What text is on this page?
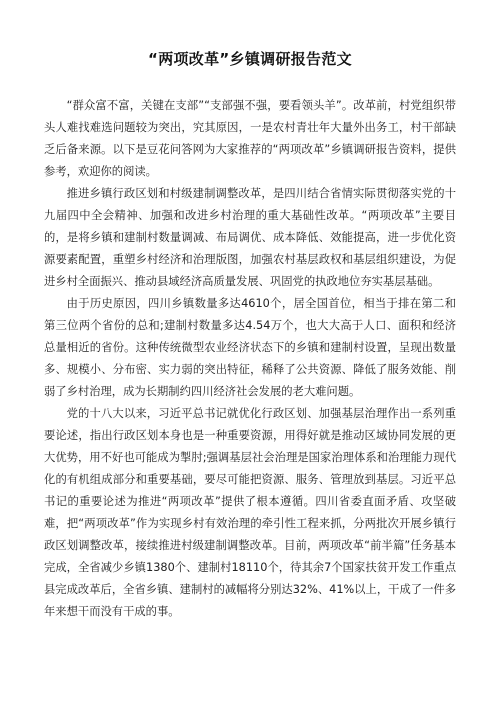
“两项改革”乡镇调研报告范文

“群众富不富，关键在支部”“支部强不强，要看领头羊”。改革前，村党组织带头人难找难选问题较为突出，究其原因，一是农村青壮年大量外出务工，村干部缺乏后备来源。以下是豆花问答网为大家推荐的“两项改革”乡镇调研报告资料，提供参考，欢迎你的阅读。

推进乡镇行政区划和村级建制调整改革，是四川结合省情实际贯彻落实党的十九届四中全会精神、加强和改进乡村治理的重大基础性改革。“两项改革”主要目的，是将乡镇和建制村数量调减、布局调优、成本降低、效能提高，进一步优化资源要素配置，重塑乡村经济和治理版图，加强农村基层政权和基层组织建设，为促进乡村全面振兴、推动县域经济高质量发展、巩固党的执政地位夯实基层基础。

由于历史原因，四川乡镇数量多达4610个，居全国首位，相当于排在第二和第三位两个省份的总和;建制村数量多达4.54万个，也大大高于人口、面积和经济总量相近的省份。这种传统微型农业经济状态下的乡镇和建制村设置，呈现出数量多、规模小、分布密、实力弱的突出特征，稀释了公共资源、降低了服务效能、削弱了乡村治理，成为长期制约四川经济社会发展的老大难问题。

党的十八大以来，习近平总书记就优化行政区划、加强基层治理作出一系列重要论述，指出行政区划本身也是一种重要资源，用得好就是推动区域协同发展的更大优势，用不好也可能成为掣肘;强调基层社会治理是国家治理体系和治理能力现代化的有机组成部分和重要基础，要尽可能把资源、服务、管理放到基层。习近平总书记的重要论述为推进“两项改革”提供了根本遵循。四川省委直面矛盾、攻坚破难，把“两项改革”作为实现乡村有效治理的牵引性工程来抓，分两批次开展乡镇行政区划调整改革，接续推进村级建制调整改革。目前，两项改革“前半篇”任务基本完成，全省减少乡镇1380个、建制村18110个，待其余7个国家扶贫开发工作重点县完成改革后，全省乡镇、建制村的减幅将分别达32%、41%以上，干成了一件多年来想干而没有干成的事。
